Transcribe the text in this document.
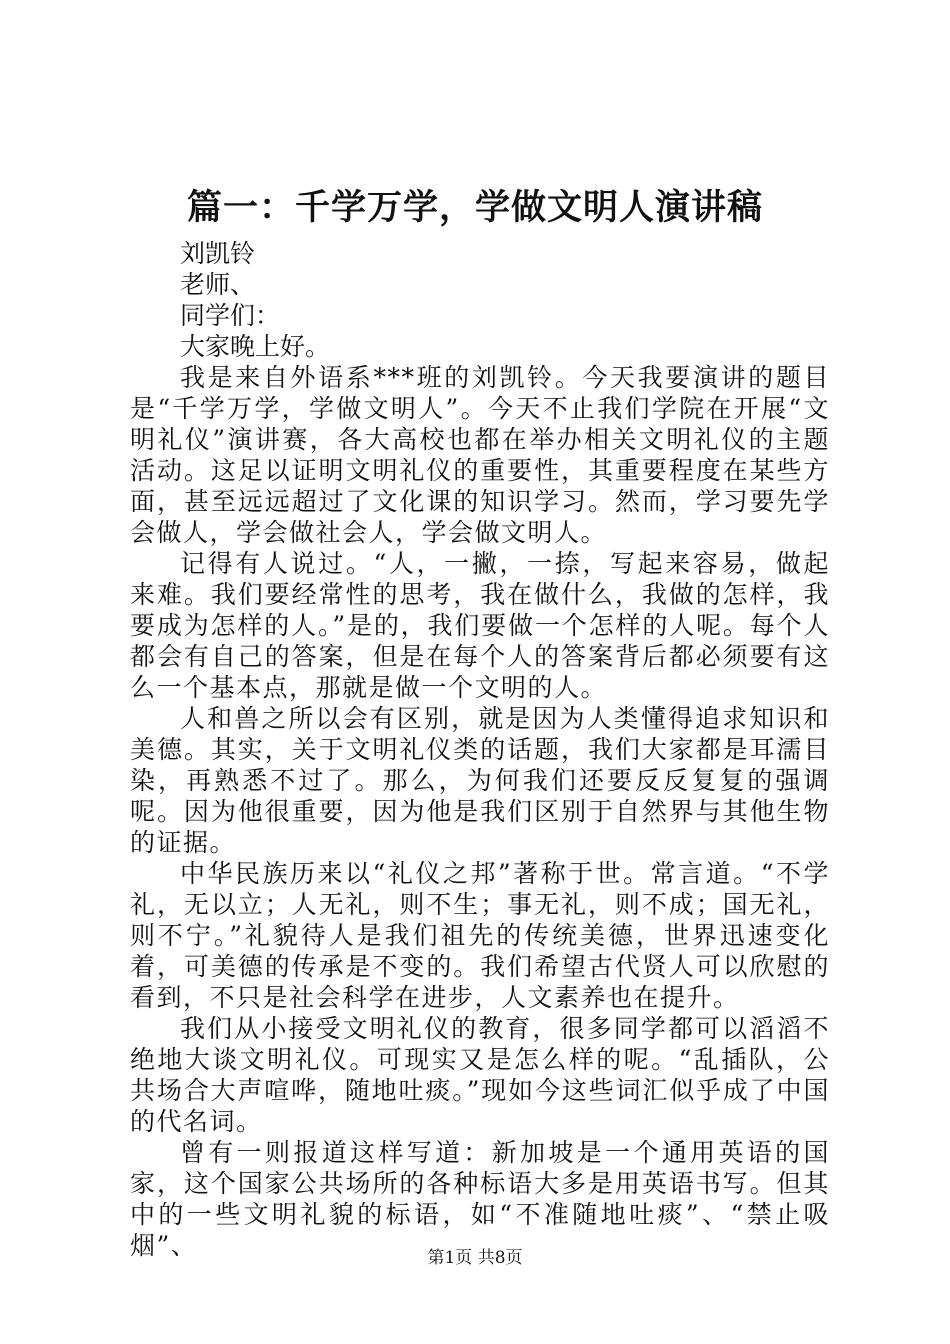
篇一：千学万学，学做文明人演讲稿
刘凯铃
老师、
同学们：
大家晚上好。

我是来自外语系***班的刘凯铃。今天我要演讲的题目是“千学万学，学做文明人”。今天不止我们学院在开展“文明礼仪”演讲赛，各大高校也都在举办相关文明礼仪的主题活动。这足以证明文明礼仪的重要性，其重要程度在某些方面，甚至远远超过了文化课的知识学习。然而，学习要先学会做人，学会做社会人，学会做文明人。

记得有人说过。“人，一撇，一捺，写起来容易，做起来难。我们要经常性的思考，我在做什么，我做的怎样，我要成为怎样的人。”是的，我们要做一个怎样的人呢。每个人都会有自己的答案，但是在每个人的答案背后都必须要有这么一个基本点，那就是做一个文明的人。

人和兽之所以会有区别，就是因为人类懂得追求知识和美德。其实，关于文明礼仪类的话题，我们大家都是耳濡目染，再熟悉不过了。那么，为何我们还要反反复复的强调呢。因为他很重要，因为他是我们区别于自然界与其他生物的证据。

中华民族历来以“礼仪之邦”著称于世。常言道。“不学礼，无以立；人无礼，则不生；事无礼，则不成；国无礼，则不宁。”礼貌待人是我们祖先的传统美德，世界迅速变化着，可美德的传承是不变的。我们希望古代贤人可以欣慰的看到，不只是社会科学在进步，人文素养也在提升。

我们从小接受文明礼仪的教育，很多同学都可以滔滔不绝地大谈文明礼仪。可现实又是怎么样的呢。“乱插队，公共场合大声喧哗，随地吐痰。”现如今这些词汇似乎成了中国的代名词。

曾有一则报道这样写道：新加坡是一个通用英语的国家，这个国家公共场所的各种标语大多是用英语书写。但其中的一些文明礼貌的标语，如“不准随地吐痰”、“禁止吸烟”、	第1页 共8页
